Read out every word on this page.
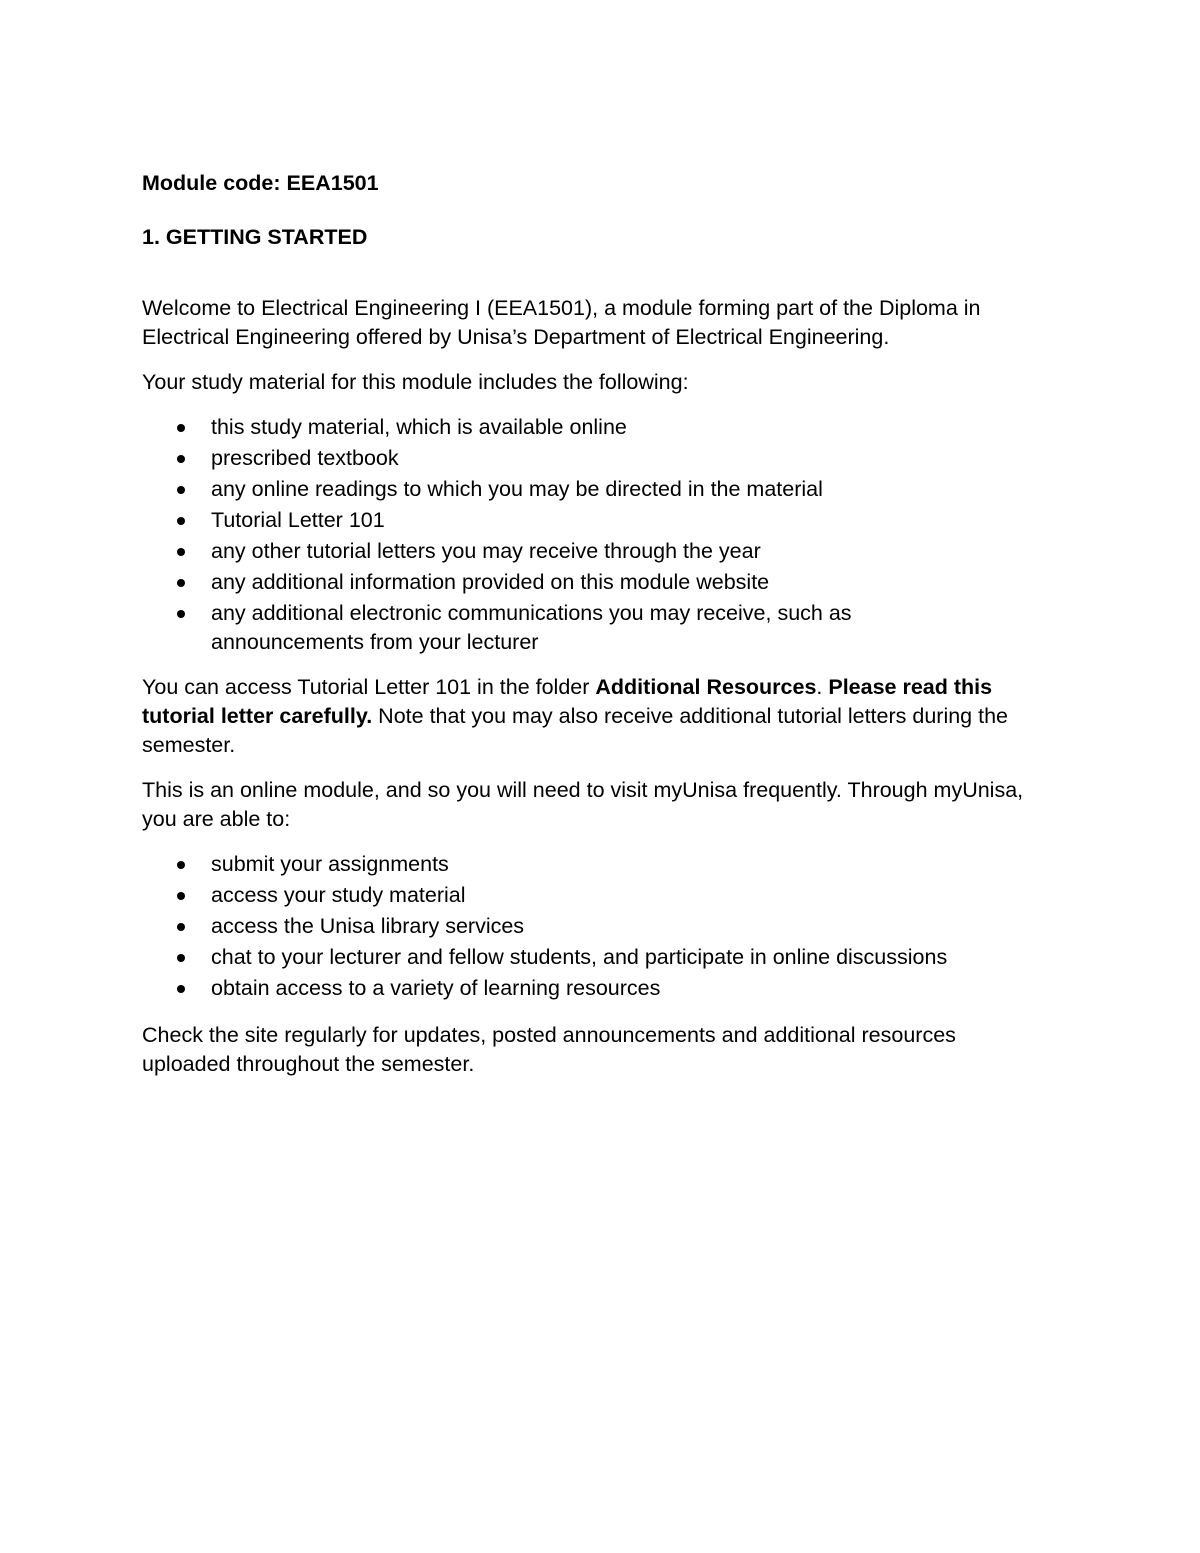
Module code: EEA1501
1. GETTING STARTED

Welcome to Electrical Engineering I (EEA1501), a module forming part of the Diploma in Electrical Engineering offered by Unisa’s Department of Electrical Engineering.

Your study material for this module includes the following:

this study material, which is available online
prescribed textbook
any online readings to which you may be directed in the material
Tutorial Letter 101
any other tutorial letters you may receive through the year
any additional information provided on this module website
any additional electronic communications you may receive, such as announcements from your lecturer

You can access Tutorial Letter 101 in the folder Additional Resources. Please read this tutorial letter carefully. Note that you may also receive additional tutorial letters during the semester.

This is an online module, and so you will need to visit myUnisa frequently. Through myUnisa, you are able to:

submit your assignments
access your study material
access the Unisa library services
chat to your lecturer and fellow students, and participate in online discussions
obtain access to a variety of learning resources

Check the site regularly for updates, posted announcements and additional resources uploaded throughout the semester.
